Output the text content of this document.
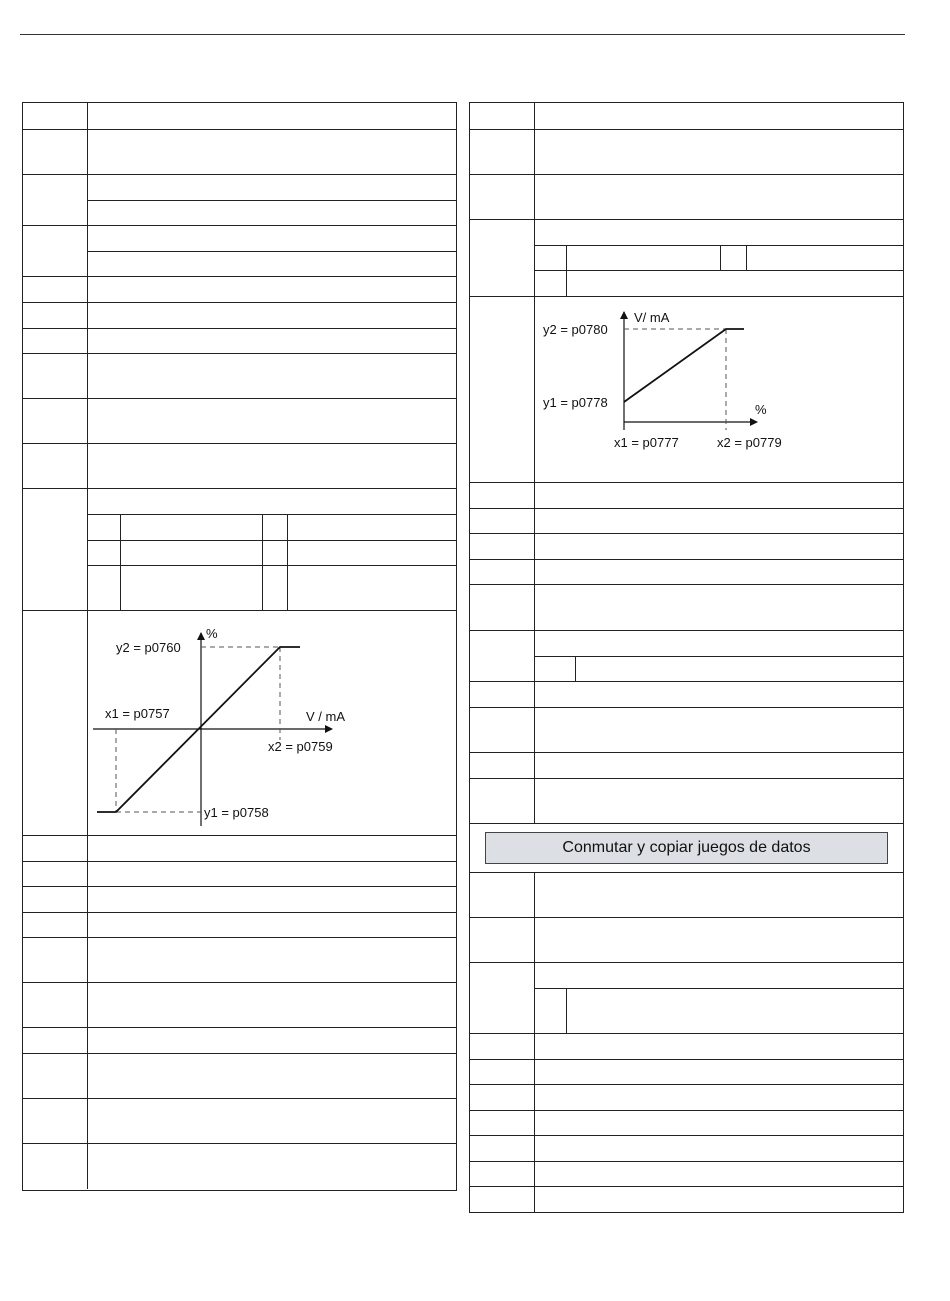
%
V / mA
y2 = p0760
y1 = p0758
x1 = p0757
x2 = p0759
V/ mA
%
y2 = p0780
y1 = p0778
x1 = p0777	x2 = p0779
Conmutar y copiar juegos de datos
